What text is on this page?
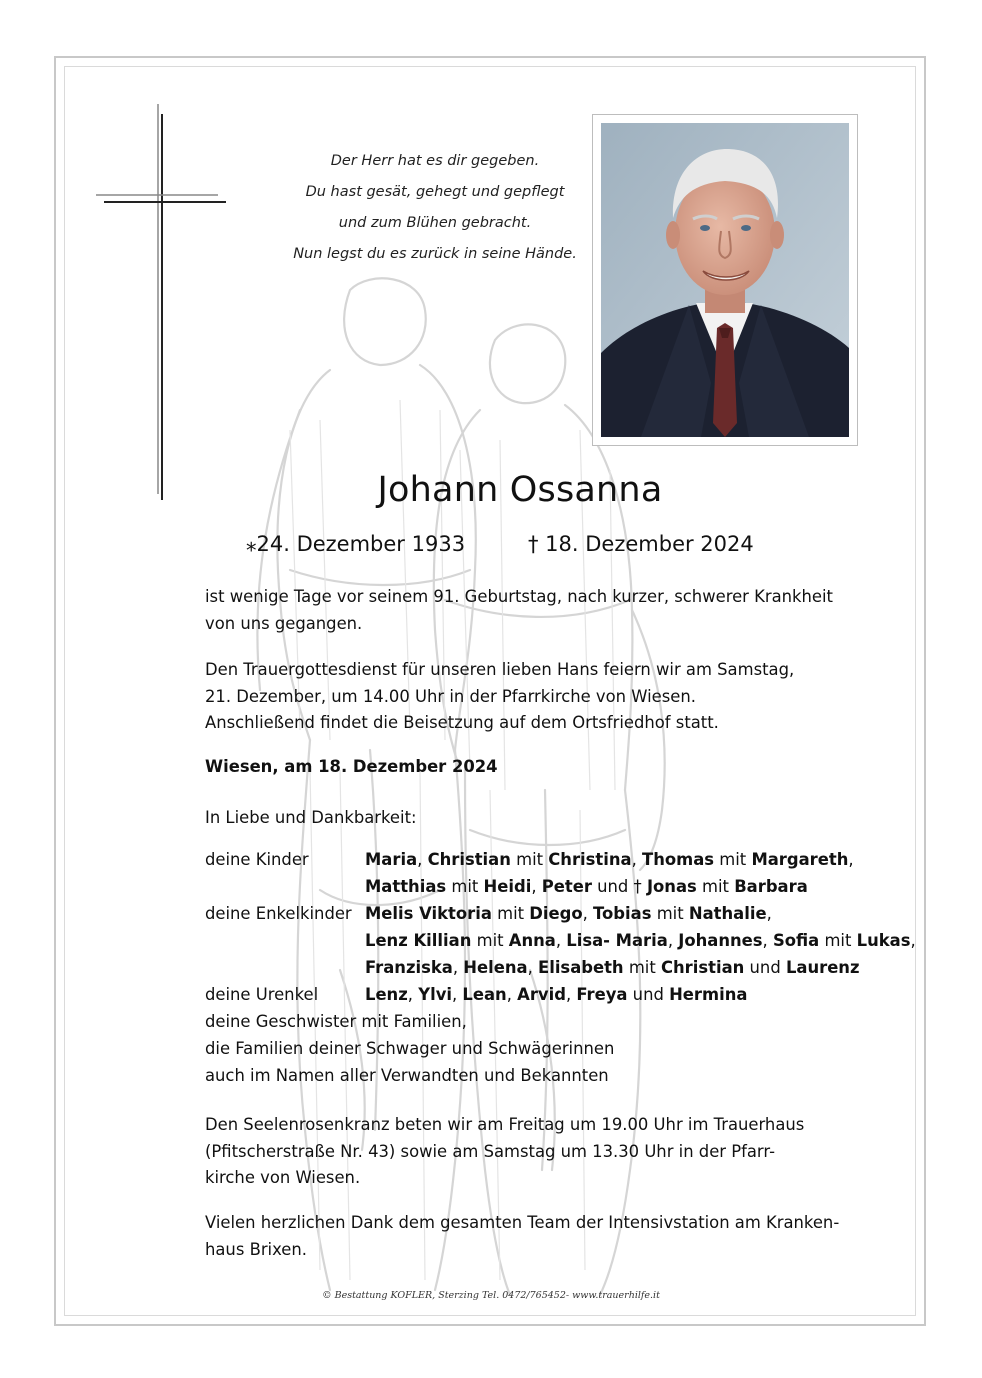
Der Herr hat es dir gegeben.
Du hast gesät, gehegt und gepflegt
und zum Blühen gebracht.
Nun legst du es zurück in seine Hände.
Johann Ossanna
⁎24. Dezember 1933	† 18. Dezember 2024
ist wenige Tage vor seinem 91. Geburtstag, nach kurzer, schwerer Krankheit
von uns gegangen.
Den Trauergottesdienst für unseren lieben Hans feiern wir am Samstag,
21. Dezember, um 14.00 Uhr in der Pfarrkirche von Wiesen.
Anschließend findet die Beisetzung auf dem Ortsfriedhof statt.
Wiesen, am 18. Dezember 2024
In Liebe und Dankbarkeit:
deine Kinder	Maria, Christian mit Christina, Thomas mit Margareth,
Matthias mit Heidi, Peter und † Jonas mit Barbara
deine Enkelkinder Melis Viktoria mit Diego, Tobias mit Nathalie,
Lenz Killian mit Anna, Lisa- Maria, Johannes, Sofia mit Lukas,
Franziska, Helena, Elisabeth mit Christian und Laurenz
deine Urenkel	Lenz, Ylvi, Lean, Arvid, Freya und Hermina
deine Geschwister mit Familien,
die Familien deiner Schwager und Schwägerinnen
auch im Namen aller Verwandten und Bekannten
Den Seelenrosenkranz beten wir am Freitag um 19.00 Uhr im Trauerhaus
(Pfitscherstraße Nr. 43) sowie am Samstag um 13.30 Uhr in der Pfarr-
kirche von Wiesen.
Vielen herzlichen Dank dem gesamten Team der Intensivstation am Kranken-
haus Brixen.
© Bestattung KOFLER, Sterzing Tel. 0472/765452- www.trauerhilfe.it
